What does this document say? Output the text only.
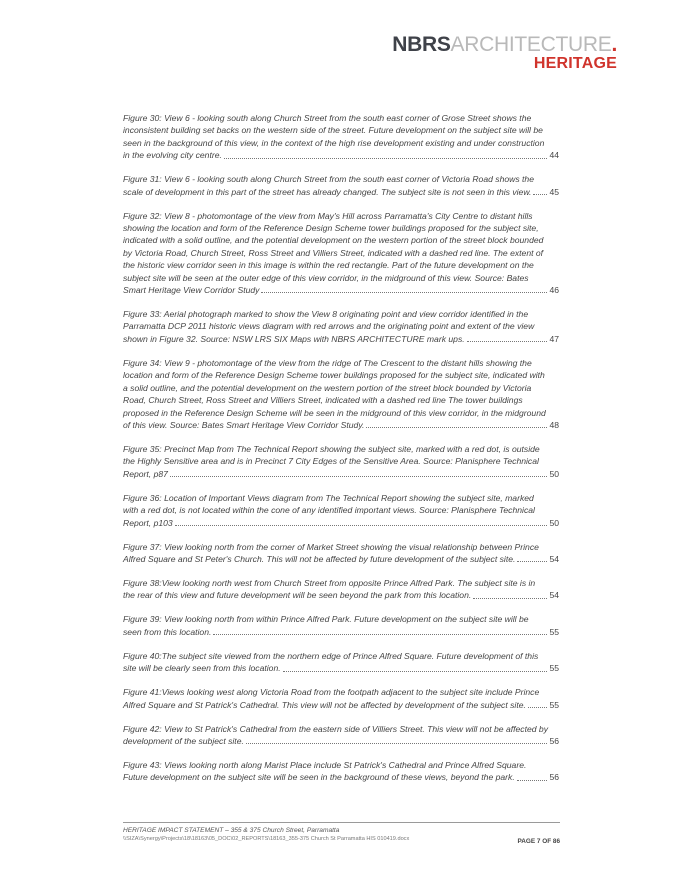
NBRSARCHITECTURE.
HERITAGE
Figure 30: View 6 - looking south along Church Street from the south east corner of Grose Street shows the
inconsistent building set backs on the western side of the street. Future development on the subject site will be
seen in the background of this view, in the context of the high rise development existing and under construction
in the evolving city centre.	44
Figure 31: View 6 - looking south along Church Street from the south east corner of Victoria Road shows the
scale of development in this part of the street has already changed. The subject site is not seen in this view. 45
Figure 32: View 8 - photomontage of the view from May's Hill across Parramatta's City Centre to distant hills
showing the location and form of the Reference Design Scheme tower buildings proposed for the subject site,
indicated with a solid outline, and the potential development on the western portion of the street block bounded
by Victoria Road, Church Street, Ross Street and Villiers Street, indicated with a dashed red line. The extent of
the historic view corridor seen in this image is within the red rectangle. Part of the future development on the
subject site will be seen at the outer edge of this view corridor, in the midground of this view. Source: Bates
Smart Heritage View Corridor Study	46
Figure 33: Aerial photograph marked to show the View 8 originating point and view corridor identified in the
Parramatta DCP 2011 historic views diagram with red arrows and the originating point and extent of the view
shown in Figure 32. Source: NSW LRS SIX Maps with NBRS ARCHITECTURE mark ups.	47
Figure 34: View 9 - photomontage of the view from the ridge of The Crescent to the distant hills showing the
location and form of the Reference Design Scheme tower buildings proposed for the subject site, indicated with
a solid outline, and the potential development on the western portion of the street block bounded by Victoria
Road, Church Street, Ross Street and Villiers Street, indicated with a dashed red line The tower buildings
proposed in the Reference Design Scheme will be seen in the midground of this view corridor, in the midground
of this view. Source: Bates Smart Heritage View Corridor Study.	48
Figure 35: Precinct Map from The Technical Report showing the subject site, marked with a red dot, is outside
the Highly Sensitive area and is in Precinct 7 City Edges of the Sensitive Area. Source: Planisphere Technical
Report, p87	50
Figure 36: Location of Important Views diagram from The Technical Report showing the subject site, marked
with a red dot, is not located within the cone of any identified important views. Source: Planisphere Technical
Report, p103	50
Figure 37: View looking north from the corner of Market Street showing the visual relationship between Prince
Alfred Square and St Peter's Church. This will not be affected by future development of the subject site.	54
Figure 38:View looking north west from Church Street from opposite Prince Alfred Park. The subject site is in
the rear of this view and future development will be seen beyond the park from this location.	54
Figure 39: View looking north from within Prince Alfred Park. Future development on the subject site will be
seen from this location.	55
Figure 40:The subject site viewed from the northern edge of Prince Alfred Square. Future development of this
site will be clearly seen from this location.	55
Figure 41:Views looking west along Victoria Road from the footpath adjacent to the subject site include Prince
Alfred Square and St Patrick's Cathedral. This view will not be affected by development of the subject site.	55
Figure 42: View to St Patrick's Cathedral from the eastern side of Villiers Street. This view will not be affected by
development of the subject site.	56
Figure 43: Views looking north along Marist Place include St Patrick's Cathedral and Prince Alfred Square.
Future development on the subject site will be seen in the background of these views, beyond the park.	56
HERITAGE IMPACT STATEMENT – 355 & 375 Church Street, Parramatta
\\SIZA\Synergy\Projects\18\18163\05_DOC\02_REPORTS\18163_355-375 Church St Parramatta HIS 010419.docx	PAGE 7 OF 86
